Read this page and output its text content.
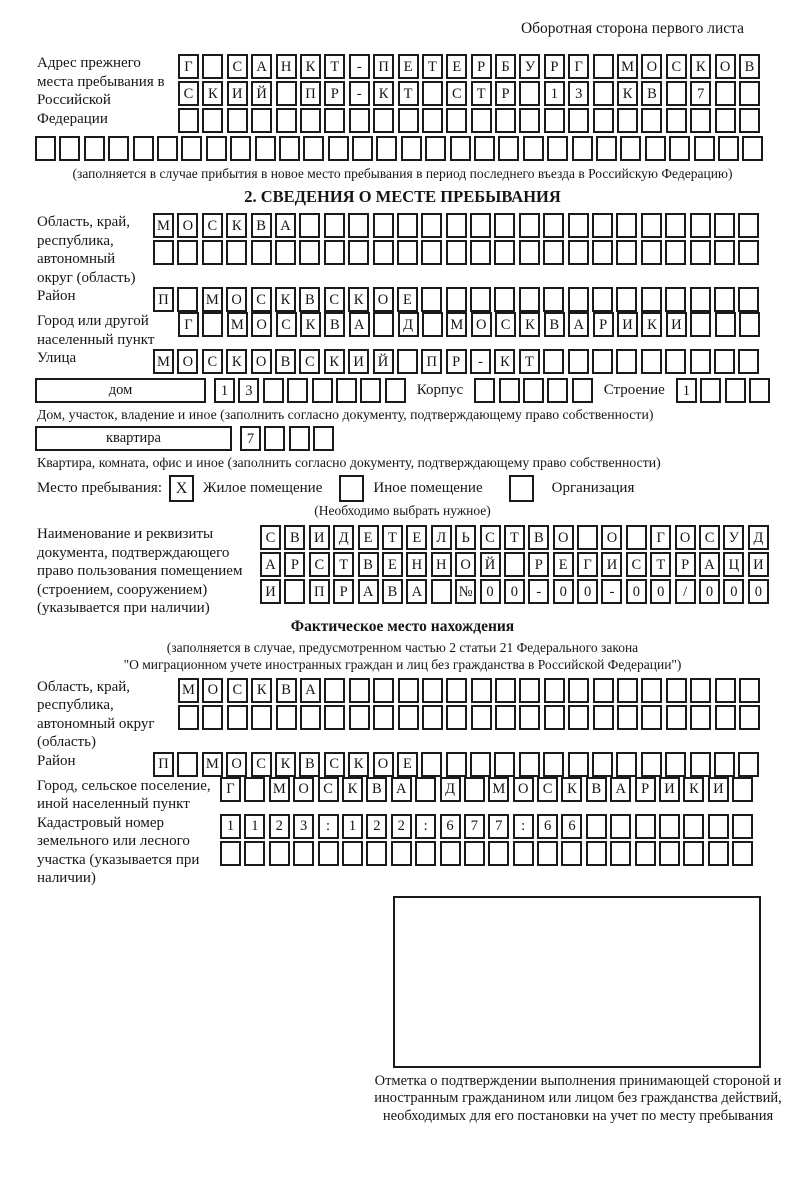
Оборотная сторона первого листа
Адрес прежнего места пребывания в Российской Федерации
Г	С А Н К	Т	-	П	Е	Т	Е	Р	Б	У	Р	Г	М О С	К О В
С	К И Й	П	Р	-	К	Т	С	Т	Р	1	3	К	В	7
(заполняется в случае прибытия в новое место пребывания в период последнего въезда в Российскую Федерацию)
2. СВЕДЕНИЯ О МЕСТЕ ПРЕБЫВАНИЯ
Область, край, республика, автономный округ (область)
М О С	К	В А
Район	П	М О С	К	В	С	К О	Е
Город или другой населенный пункт
Г	М О С	К	В А	Д	М О С	К	В А	Р	И К И
Улица	М О С	К О В	С	К И Й	П	Р	-	К	Т
дом	1	3	Корпус	Строение	1
Дом, участок, владение и иное (заполнить согласно документу, подтверждающему право собственности)
квартира	7
Квартира, комната, офис и иное (заполнить согласно документу, подтверждающему право собственности)
Место пребывания: X	Жилое помещение	Иное помещение	Организация
(Необходимо выбрать нужное)
Наименование и реквизиты документа, подтверждающего право пользования помещением (строением, сооружением) (указывается при наличии)
С	В И Д	Е	Т	Е	Л	Ь	С	Т	В О	О	Г	О С У Д
А	Р	С	Т	В	Е	Н Н О Й	Р	Е	Г	И С	Т	Р	А Ц И
И	П	Р	А В А	№ 0	0	-	0	0	-	0	0	/	0	0	0
Фактическое место нахождения
(заполняется в случае, предусмотренном частью 2 статьи 21 Федерального закона
"О миграционном учете иностранных граждан и лиц без гражданства в Российской Федерации")
Область, край, республика, автономный округ (область)
М О С	К	В А
Район	П	М О С	К	В	С	К О	Е
Город, сельское поселение, иной населенный пункт
Г	М О С	К	В А	Д	М О С	К	В А	Р	И К И
Кадастровый номер земельного или лесного участка (указывается при наличии)
1	1	2	3	:	1	2	2	:	6	7	7	:	6	6
Отметка о подтверждении выполнения принимающей стороной и иностранным гражданином или лицом без гражданства действий, необходимых для его постановки на учет по месту пребывания
